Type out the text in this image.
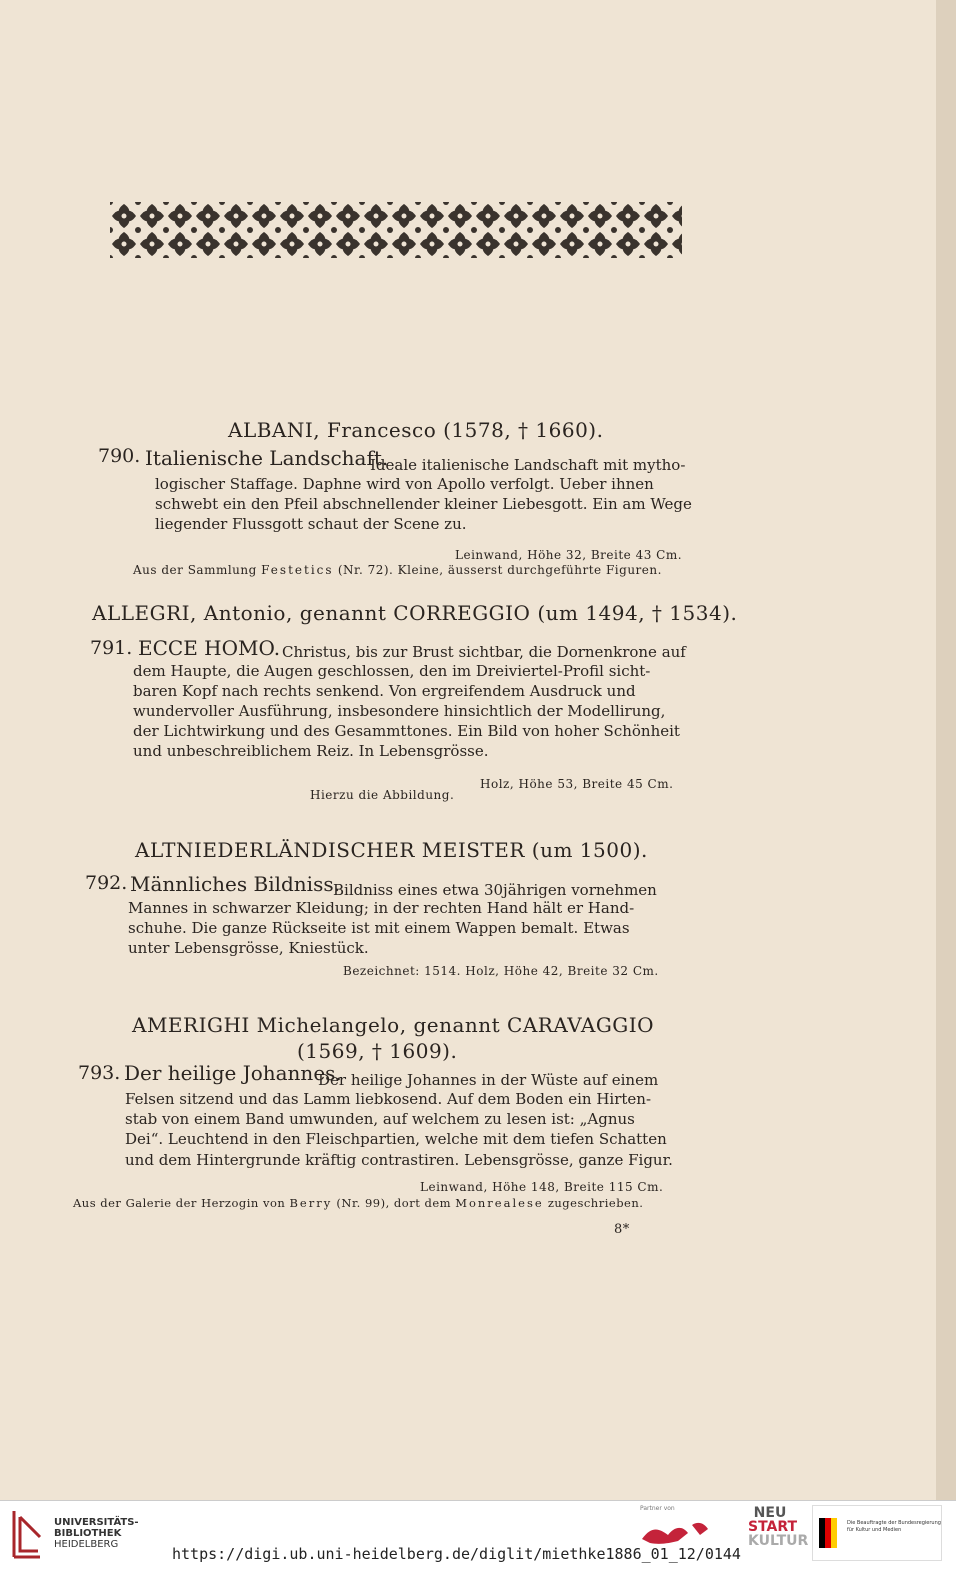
ALBANI, Francesco (1578, † 1660).
790. Italienische Landschaft.
Ideale italienische Landschaft mit mytho-
logischer Staffage. Daphne wird von Apollo verfolgt. Ueber ihnen
schwebt ein den Pfeil abschnellender kleiner Liebesgott. Ein am Wege
liegender Flussgott schaut der Scene zu.
Leinwand, Höhe 32, Breite 43 Cm.
Aus der Sammlung Festetics (Nr. 72). Kleine, äusserst durchgeführte Figuren.
ALLEGRI, Antonio, genannt CORREGGIO (um 1494, † 1534).
791. ECCE HOMO. Christus, bis zur Brust sichtbar, die Dornenkrone auf
dem Haupte, die Augen geschlossen, den im Dreiviertel-Profil sicht-
baren Kopf nach rechts senkend. Von ergreifendem Ausdruck und
wundervoller Ausführung, insbesondere hinsichtlich der Modellirung,
der Lichtwirkung und des Gesammttones. Ein Bild von hoher Schönheit
und unbeschreiblichem Reiz. In Lebensgrösse.
Holz, Höhe 53, Breite 45 Cm.
Hierzu die Abbildung.
ALTNIEDERLÄNDISCHER MEISTER (um 1500).
792. Männliches Bildniss.
Bildniss eines etwa 30jährigen vornehmen
Mannes in schwarzer Kleidung; in der rechten Hand hält er Hand-
schuhe. Die ganze Rückseite ist mit einem Wappen bemalt. Etwas
unter Lebensgrösse, Kniestück.
Bezeichnet: 1514. Holz, Höhe 42, Breite 32 Cm.
AMERIGHI Michelangelo, genannt CARAVAGGIO
(1569, † 1609).
793. Der heilige Johannes.
Der heilige Johannes in der Wüste auf einem
Felsen sitzend und das Lamm liebkosend. Auf dem Boden ein Hirten-
stab von einem Band umwunden, auf welchem zu lesen ist: „Agnus
Dei“. Leuchtend in den Fleischpartien, welche mit dem tiefen Schatten
und dem Hintergrunde kräftig contrastiren. Lebensgrösse, ganze Figur.
Leinwand, Höhe 148, Breite 115 Cm.
Aus der Galerie der Herzogin von Berry (Nr. 99), dort dem Monrealese zugeschrieben.
8*
UNIVERSITÄTS-
BIBLIOTHEK
HEIDELBERG
Partner von	NEU
START
KULTUR
Die Beauftragte der Bundesregierung
für Kultur und Medien
https://digi.ub.uni-heidelberg.de/diglit/miethke1886_01_12/0144
